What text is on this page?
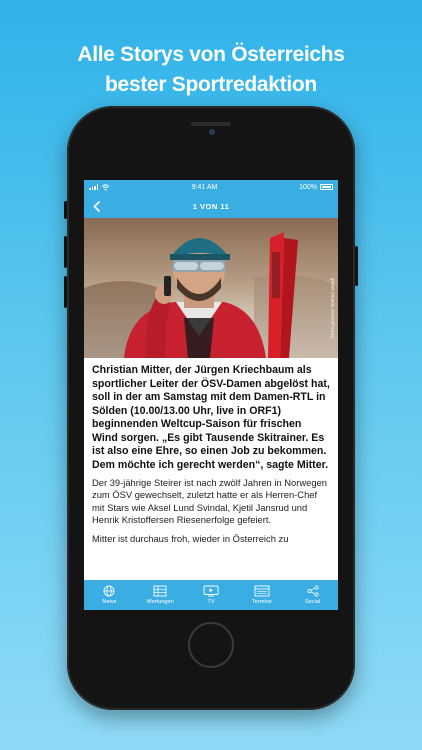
Alle Storys von Österreichs
bester Sportredaktion
9:41 AM	100%
1 VON 11
GEPA pictures/ Mathias Mandl

Christian Mitter, der Jürgen Kriechbaum als sportlicher Leiter der ÖSV-Damen abgelöst hat, soll in der am Samstag mit dem Damen-RTL in Sölden (10.00/13.00 Uhr, live in ORF1) beginnenden Weltcup-Saison für frischen Wind sorgen. „Es gibt Tausende Skitrainer. Es ist also eine Ehre, so einen Job zu bekommen. Dem möchte ich gerecht werden“, sagte Mitter.

Der 39-jährige Steirer ist nach zwölf Jahren in Norwegen zum ÖSV gewechselt, zuletzt hatte er als Herren-Chef mit Stars wie Aksel Lund Svindal, Kjetil Jansrud und Henrik Kristoffersen Riesenerfolge gefeiert.

Mitter ist durchaus froh, wieder in Österreich zu

News	Wertungen	TV	Termine	Social
